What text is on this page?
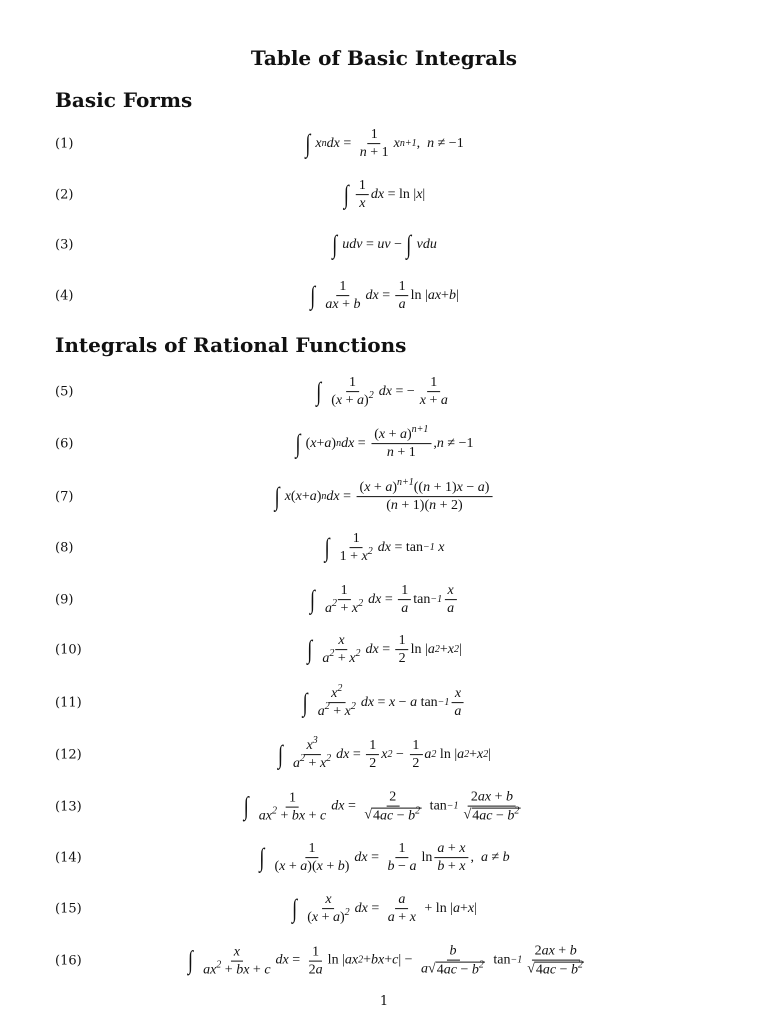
Table of Basic Integrals
Basic Forms
Integrals of Rational Functions
(1)	∫ x n dx = $\frac{1}{n + 1}$ x n+1 , n ≠ −1
(2)	∫ $\frac{1}{x}$ dx = ln | x |
(3)	∫ udv = uv − ∫ vdu
(4)	∫ $\frac{1}{ax + b}$ dx = $\frac{1}{a}$ ln | ax + b |
(5)	∫ $\frac{1}{(x + a)^2}$ dx = − $\frac{1}{x + a}$
(6)	∫ ( x + a ) n dx = $\frac{(x + a)^{n+1}}{n + 1}$ , n ≠ −1
(7)	∫ x ( x + a ) n dx = $\frac{(x + a)^{n+1}((n + 1)x - a)}{(n + 1)(n + 2)}$
(8)	∫ $\frac{1}{1 + x^2}$ dx = tan −1 x
(9)	∫ $\frac{1}{a^2 + x^2}$ dx = $\frac{1}{a}$ $\tan -1 \frac{x}{a}$
(10)	∫ $\frac{x}{a^2 + x^2}$ dx = $\frac{1}{2}$ ln | a 2 + x 2 |
(11)	∫ $\frac{x^2}{a^2 + x^2}$ dx = x − a $\tan -1 \frac{x}{a}$
(12)	∫ $\frac{x^3}{a^2 + x^2}$ dx = $\frac{1}{2}$ x $2 - \frac{1}{2}$ a 2 ln | a 2 + x 2 |
(13)	∫ $\frac{1}{ax^2 + bx + c}$ dx = $\frac{2}{√ 4ac - b^2}$ $\tan -1 \frac{2ax + b}{√ 4ac - b^2}$
(14)	∫ $\frac{1}{(x + a)(x + b)}$ dx = $\frac{1}{b - a}$ $\ln \frac{a + x}{b + x}$ , a ≠ b
(15)	∫ $\frac{x}{(x + a)^2}$ dx = $\frac{a}{a + x} + \ln$ | a + x |
(16)	∫ $\frac{x}{ax^2 + bx + c}$ dx = $\frac{1}{2a}$ ln | ax 2 + bx + c | − $\frac{b}{a √ 4ac - b^2}$ $\tan -1 \frac{2ax + b}{√ 4ac - b^2}$
1
